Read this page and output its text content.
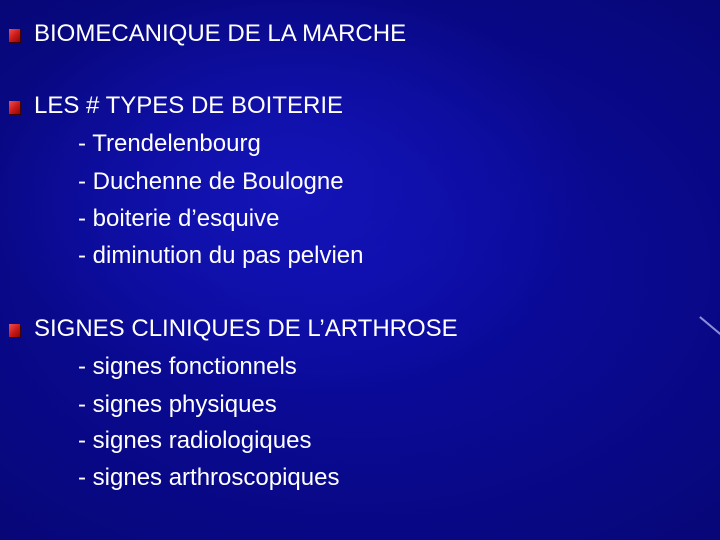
BIOMECANIQUE DE LA MARCHE
LES # TYPES DE BOITERIE
- Trendelenbourg
- Duchenne de Boulogne
- boiterie d’esquive
- diminution du pas pelvien
SIGNES CLINIQUES DE L’ARTHROSE
- signes fonctionnels
- signes physiques
- signes radiologiques
- signes arthroscopiques
